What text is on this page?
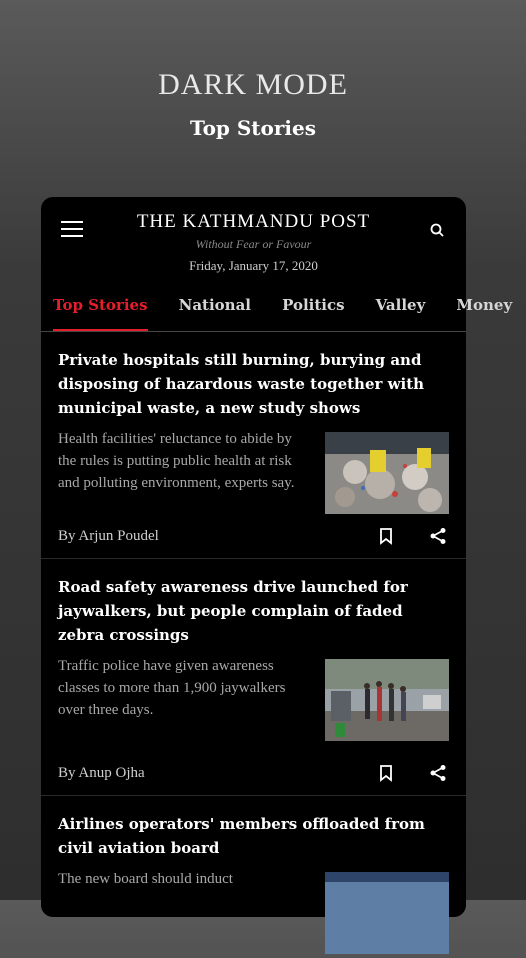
DARK MODE
Top Stories
THE KATHMANDU POST
Without Fear or Favour
Friday, January 17, 2020
Top Stories National Politics Valley Money
Private hospitals still burning, burying and disposing of hazardous waste together with municipal waste, a new study shows
Health facilities' reluctance to abide by the rules is putting public health at risk and polluting environment, experts say.
By Arjun Poudel
Road safety awareness drive launched for jaywalkers, but people complain of faded zebra crossings
Traffic police have given awareness classes to more than 1,900 jaywalkers over three days.
By Anup Ojha
Airlines operators' members offloaded from civil aviation board
The new board should induct
